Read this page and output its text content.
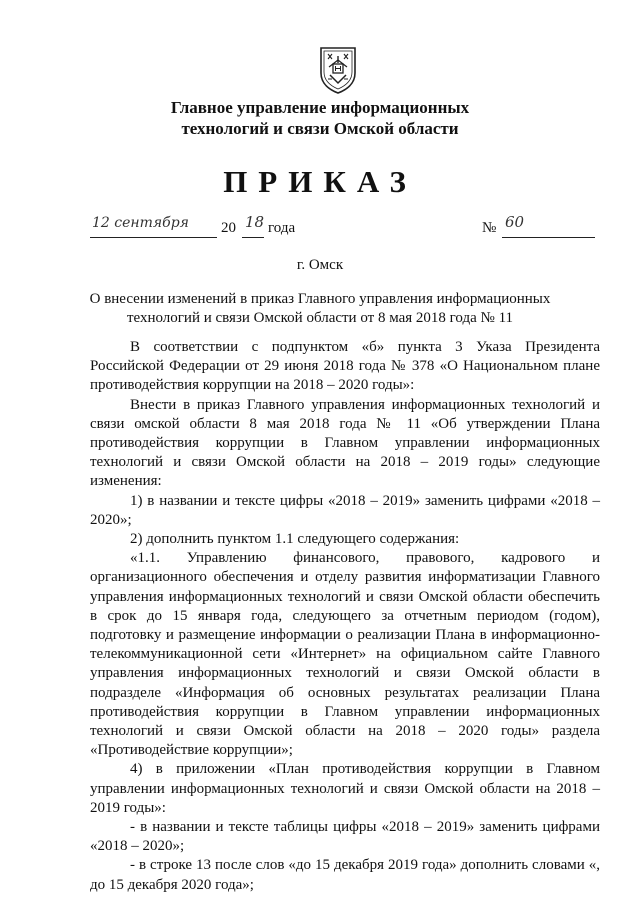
Главное управление информационных
технологий и связи Омской области
ПРИКАЗ
12 сентября 20 18 года	№ 60
г. Омск
О внесении изменений в приказ Главного управления информационных технологий и связи Омской области от 8 мая 2018 года № 11

В соответствии с подпунктом «б» пункта 3 Указа Президента Российской Федерации от 29 июня 2018 года № 378 «О Национальном плане противодействия коррупции на 2018 – 2020 годы»:

Внести в приказ Главного управления информационных технологий и связи омской области 8 мая 2018 года № 11 «Об утверждении Плана противодействия коррупции в Главном управлении информационных технологий и связи Омской области на 2018 – 2019 годы» следующие изменения:

1) в названии и тексте цифры «2018 – 2019» заменить цифрами «2018 – 2020»;

2) дополнить пунктом 1.1 следующего содержания:

«1.1. Управлению финансового, правового, кадрового и организационного обеспечения и отделу развития информатизации Главного управления информационных технологий и связи Омской области обеспечить в срок до 15 января года, следующего за отчетным периодом (годом), подготовку и размещение информации о реализации Плана в информационно-телекоммуникационной сети «Интернет» на официальном сайте Главного управления информационных технологий и связи Омской области в подразделе «Информация об основных результатах реализации Плана противодействия коррупции в Главном управлении информационных технологий и связи Омской области на 2018 – 2020 годы» раздела «Противодействие коррупции»;

4) в приложении «План противодействия коррупции в Главном управлении информационных технологий и связи Омской области на 2018 – 2019 годы»:

- в названии и тексте таблицы цифры «2018 – 2019» заменить цифрами «2018 – 2020»;

- в строке 13 после слов «до 15 декабря 2019 года» дополнить словами «, до 15 декабря 2020 года»;
